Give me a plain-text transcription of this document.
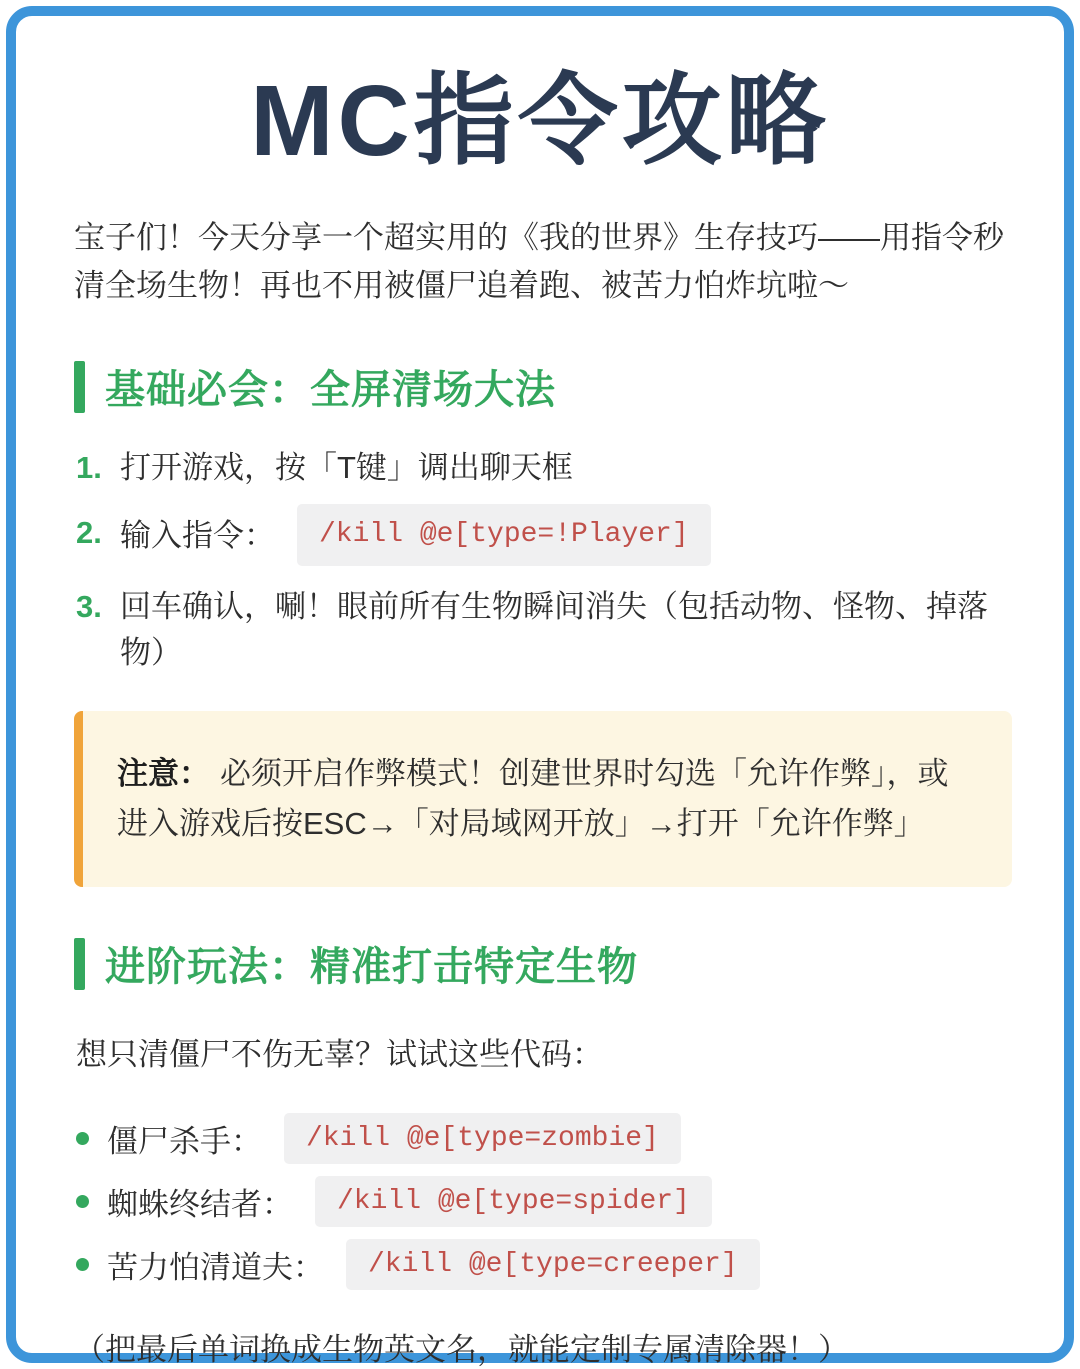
MC指令攻略

宝子们！今天分享一个超实用的《我的世界》生存技巧——用指令秒清全场生物！再也不用被僵尸追着跑、被苦力怕炸坑啦～

基础必会：全屏清场大法
1. 打开游戏，按「T键」调出聊天框
2. 输入指令： /kill @e[type=!Player]
3. 回车确认，唰！眼前所有生物瞬间消失（包括动物、怪物、掉落物）
注意： 必须开启作弊模式！创建世界时勾选「允许作弊」，或进入游戏后按ESC→「对局域网开放」→打开「允许作弊」
进阶玩法：精准打击特定生物

想只清僵尸不伤无辜？试试这些代码：

僵尸杀手：	/kill @e[type=zombie]
蜘蛛终结者：	/kill @e[type=spider]
苦力怕清道夫：	/kill @e[type=creeper]

（把最后单词换成生物英文名，就能定制专属清除器！）
